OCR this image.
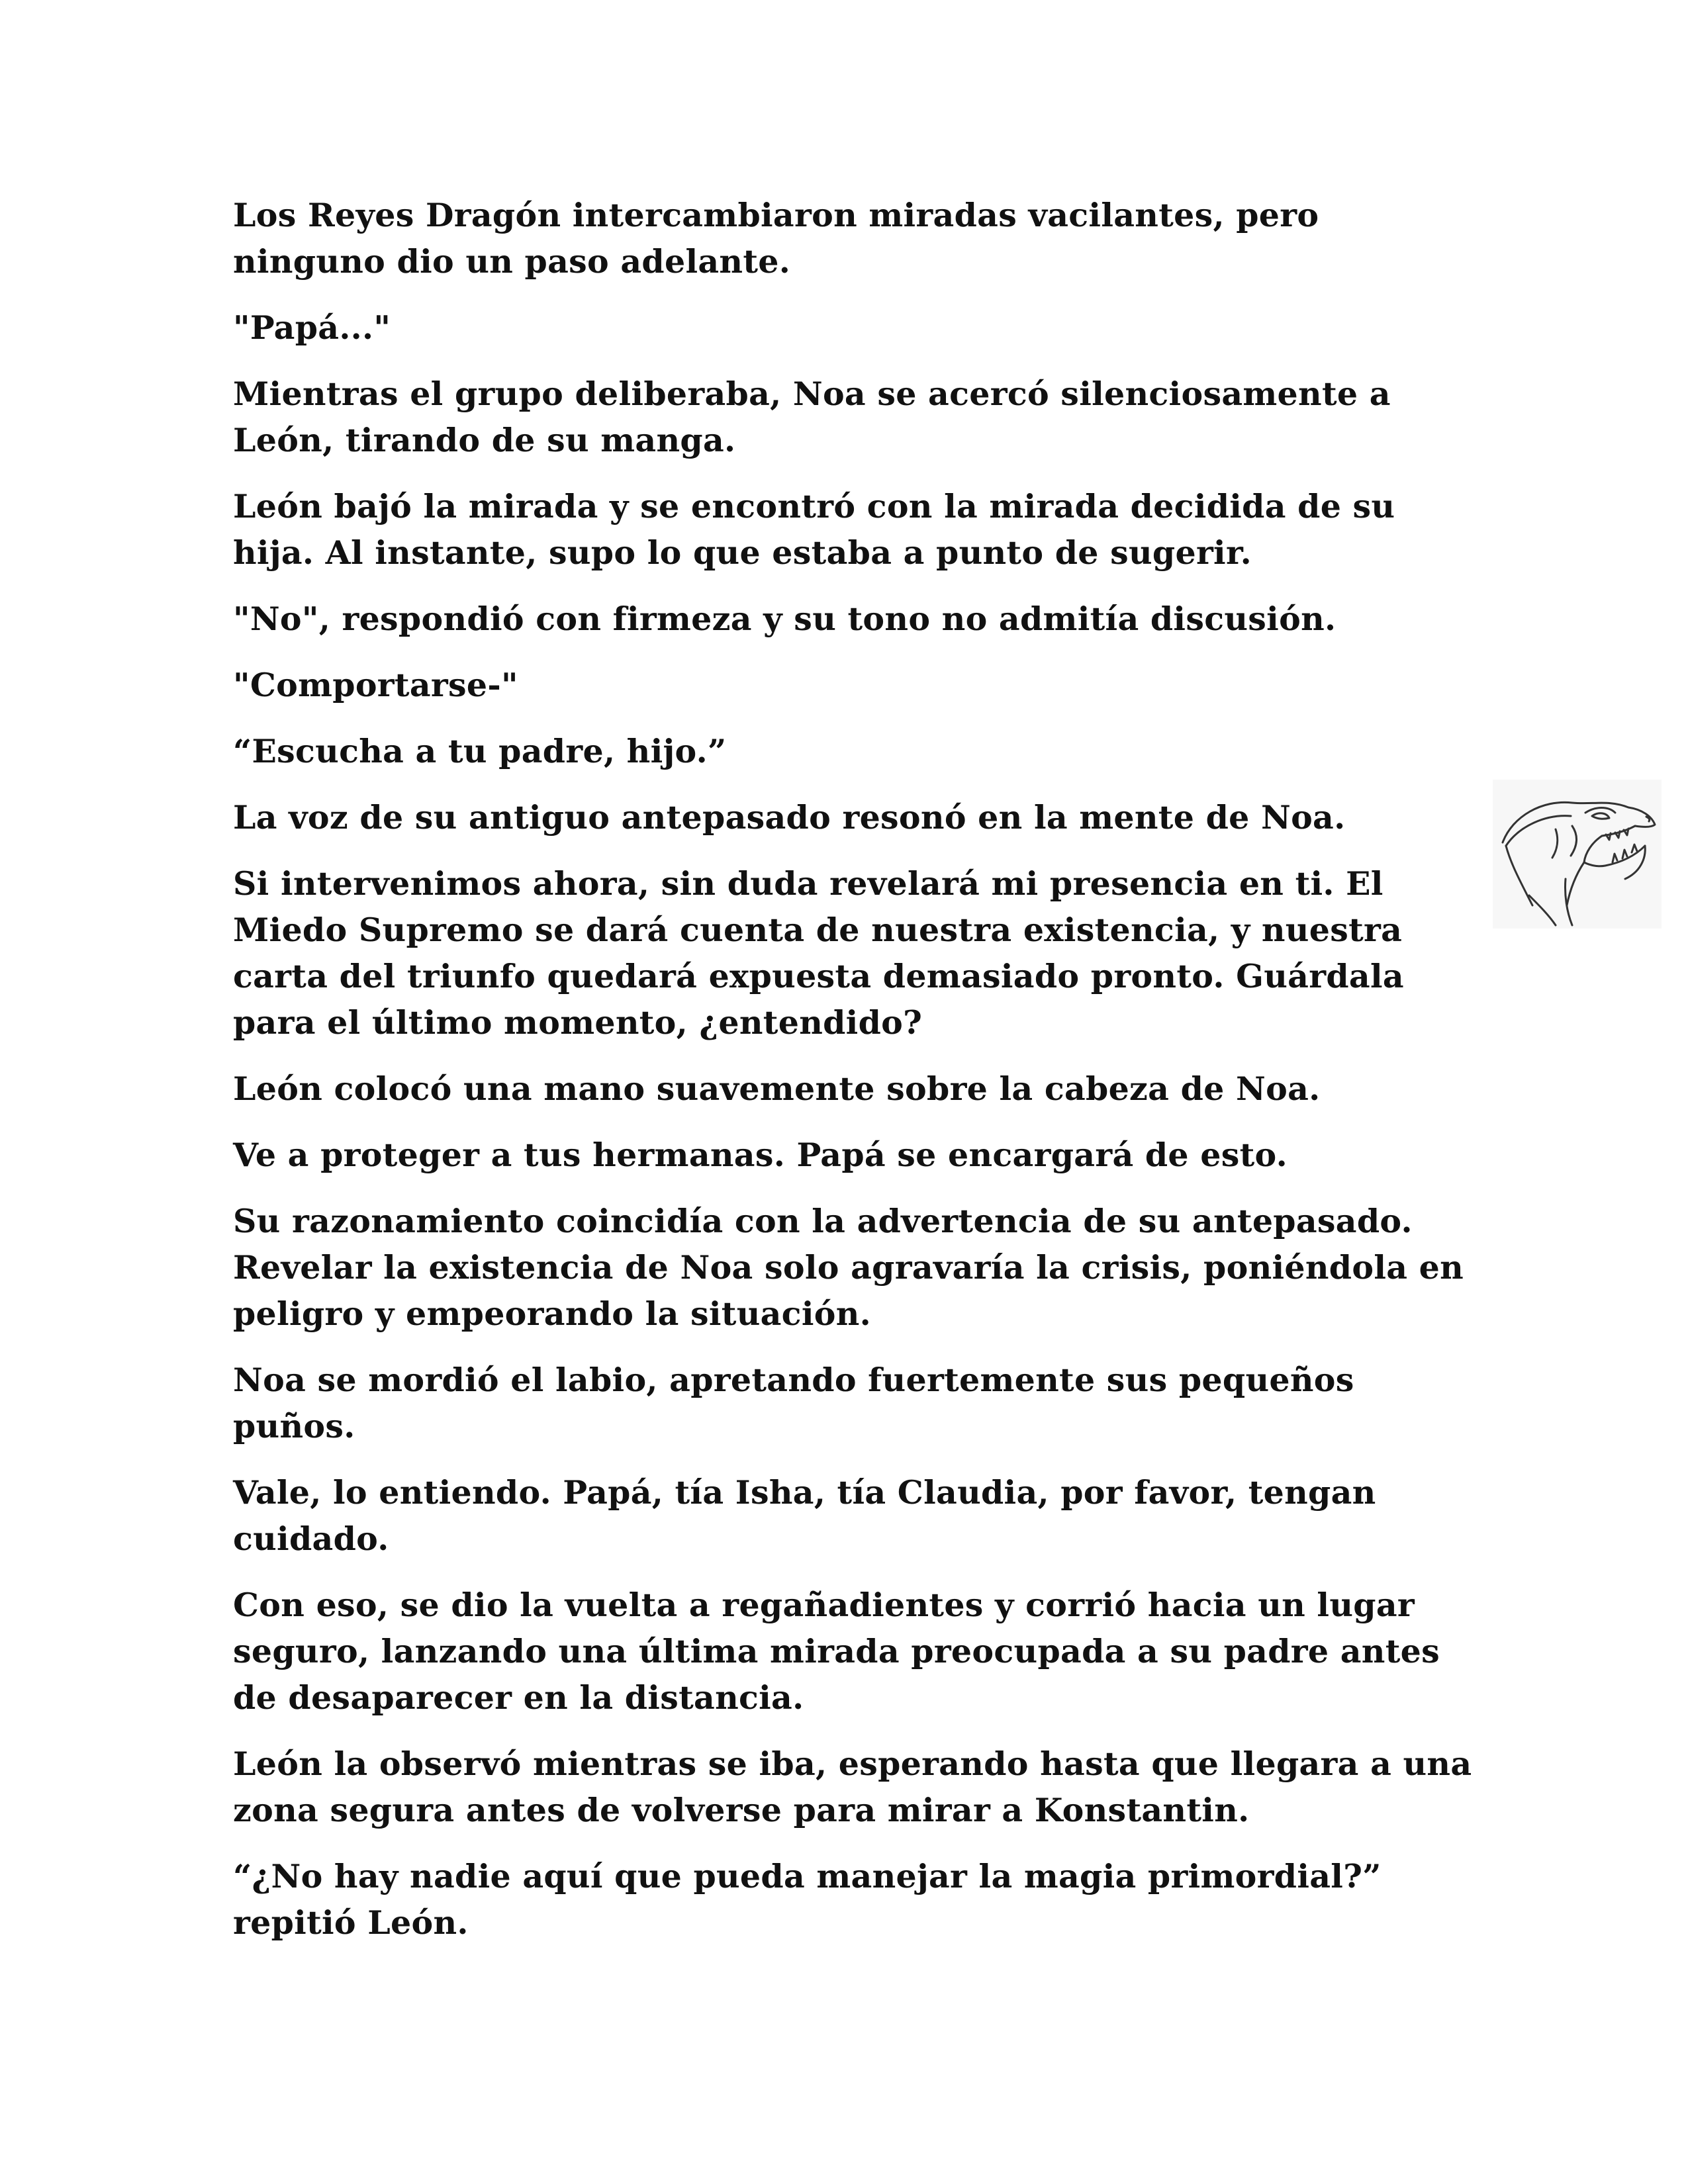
Los Reyes Dragón intercambiaron miradas vacilantes, pero ninguno dio un paso adelante.

"Papá..."

Mientras el grupo deliberaba, Noa se acercó silenciosamente a León, tirando de su manga.

León bajó la mirada y se encontró con la mirada decidida de su hija. Al instante, supo lo que estaba a punto de sugerir.

"No", respondió con firmeza y su tono no admitía discusión.

"Comportarse-"

“Escucha a tu padre, hijo.”

La voz de su antiguo antepasado resonó en la mente de Noa.

Si intervenimos ahora, sin duda revelará mi presencia en ti. El Miedo Supremo se dará cuenta de nuestra existencia, y nuestra carta del triunfo quedará expuesta demasiado pronto. Guárdala para el último momento, ¿entendido?

León colocó una mano suavemente sobre la cabeza de Noa.

Ve a proteger a tus hermanas. Papá se encargará de esto.

Su razonamiento coincidía con la advertencia de su antepasado. Revelar la existencia de Noa solo agravaría la crisis, poniéndola en peligro y empeorando la situación.

Noa se mordió el labio, apretando fuertemente sus pequeños puños.

Vale, lo entiendo. Papá, tía Isha, tía Claudia, por favor, tengan cuidado.

Con eso, se dio la vuelta a regañadientes y corrió hacia un lugar seguro, lanzando una última mirada preocupada a su padre antes de desaparecer en la distancia.

León la observó mientras se iba, esperando hasta que llegara a una zona segura antes de volverse para mirar a Konstantin.

“¿No hay nadie aquí que pueda manejar la magia primordial?” repitió León.
